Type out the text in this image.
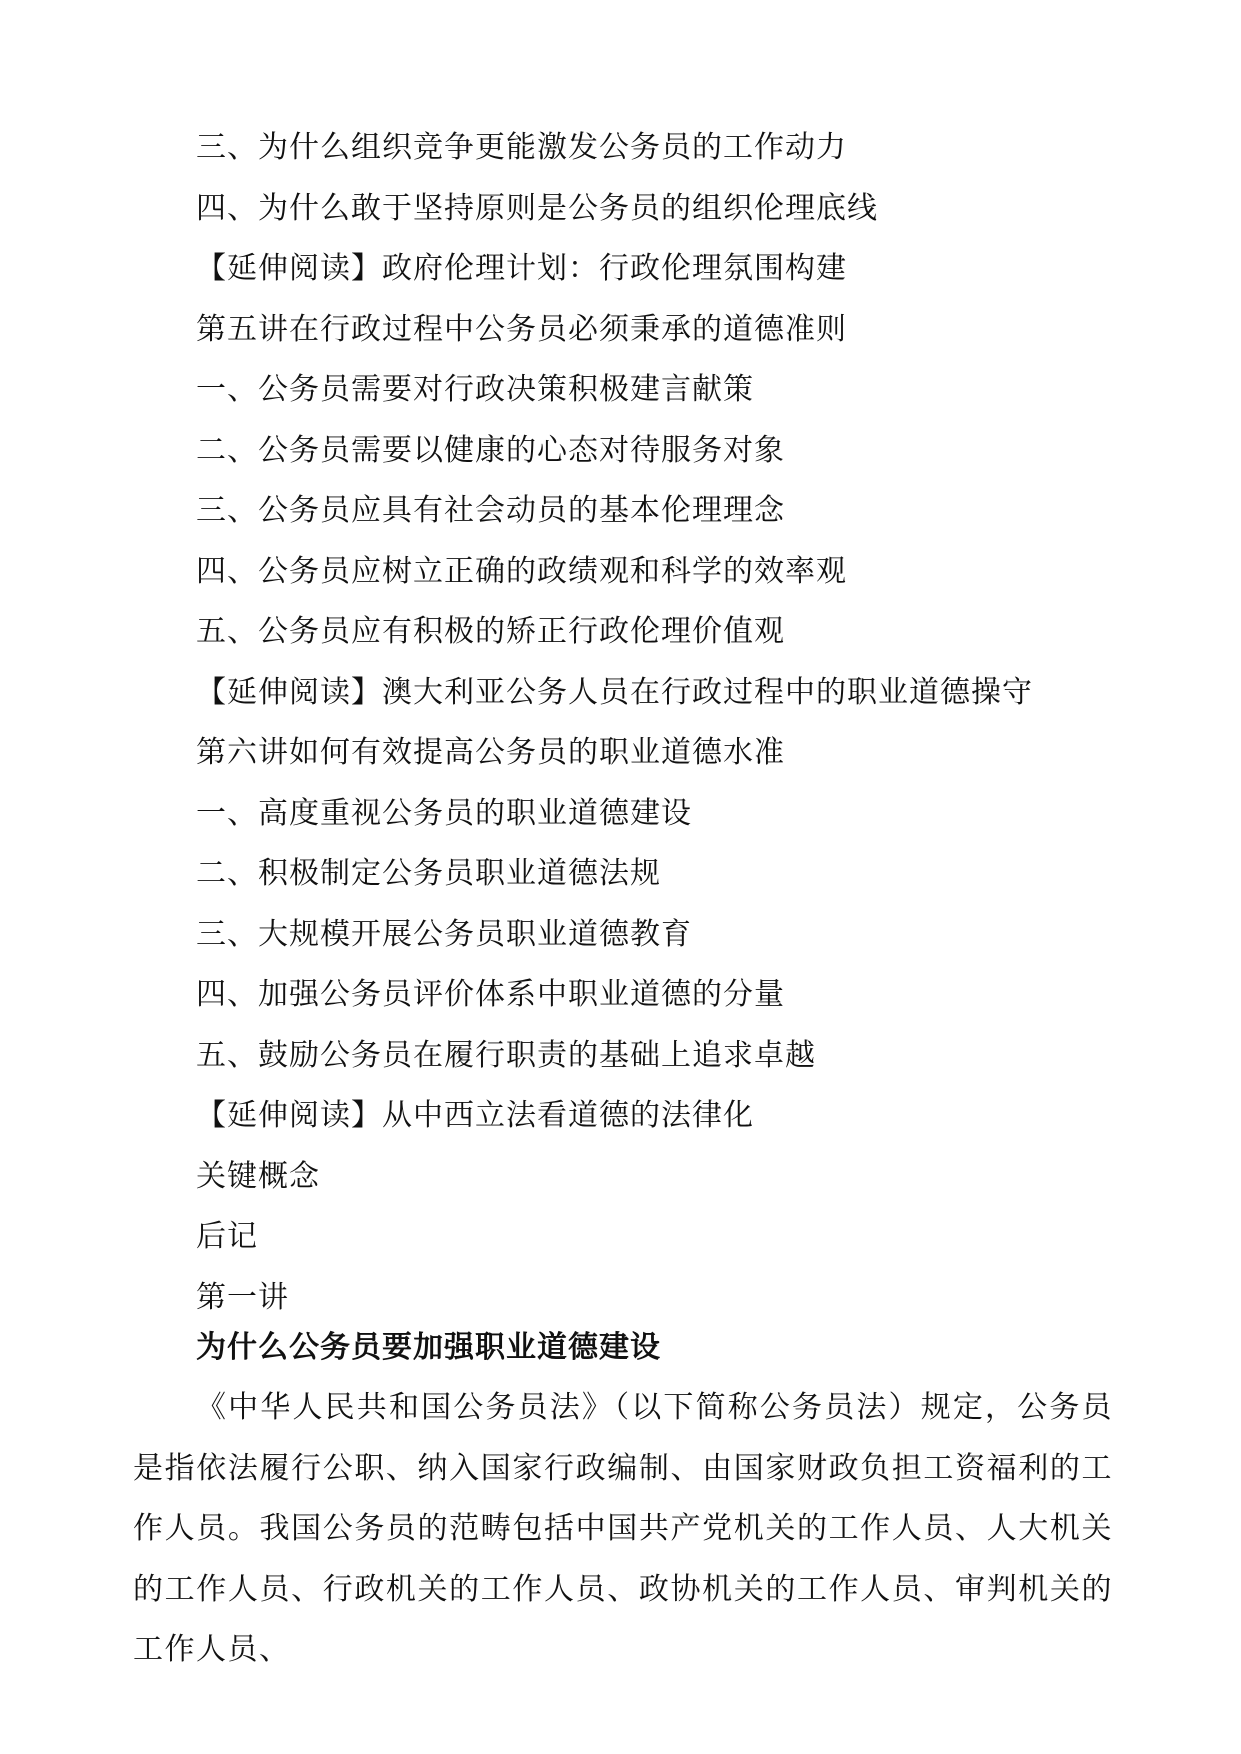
三、为什么组织竞争更能激发公务员的工作动力
四、为什么敢于坚持原则是公务员的组织伦理底线
【延伸阅读】政府伦理计划：行政伦理氛围构建
第五讲在行政过程中公务员必须秉承的道德准则
一、公务员需要对行政决策积极建言献策
二、公务员需要以健康的心态对待服务对象
三、公务员应具有社会动员的基本伦理理念
四、公务员应树立正确的政绩观和科学的效率观
五、公务员应有积极的矫正行政伦理价值观
【延伸阅读】澳大利亚公务人员在行政过程中的职业道德操守
第六讲如何有效提高公务员的职业道德水准
一、高度重视公务员的职业道德建设
二、积极制定公务员职业道德法规
三、大规模开展公务员职业道德教育
四、加强公务员评价体系中职业道德的分量
五、鼓励公务员在履行职责的基础上追求卓越
【延伸阅读】从中西立法看道德的法律化
关键概念
后记
第一讲
为什么公务员要加强职业道德建设

《中华人民共和国公务员法》（以下简称公务员法）规定，公务员是指依法履行公职、纳入国家行政编制、由国家财政负担工资福利的工作人员。我国公务员的范畴包括中国共产党机关的工作人员、人大机关的工作人员、行政机关的工作人员、政协机关的工作人员、审判机关的工作人员、
